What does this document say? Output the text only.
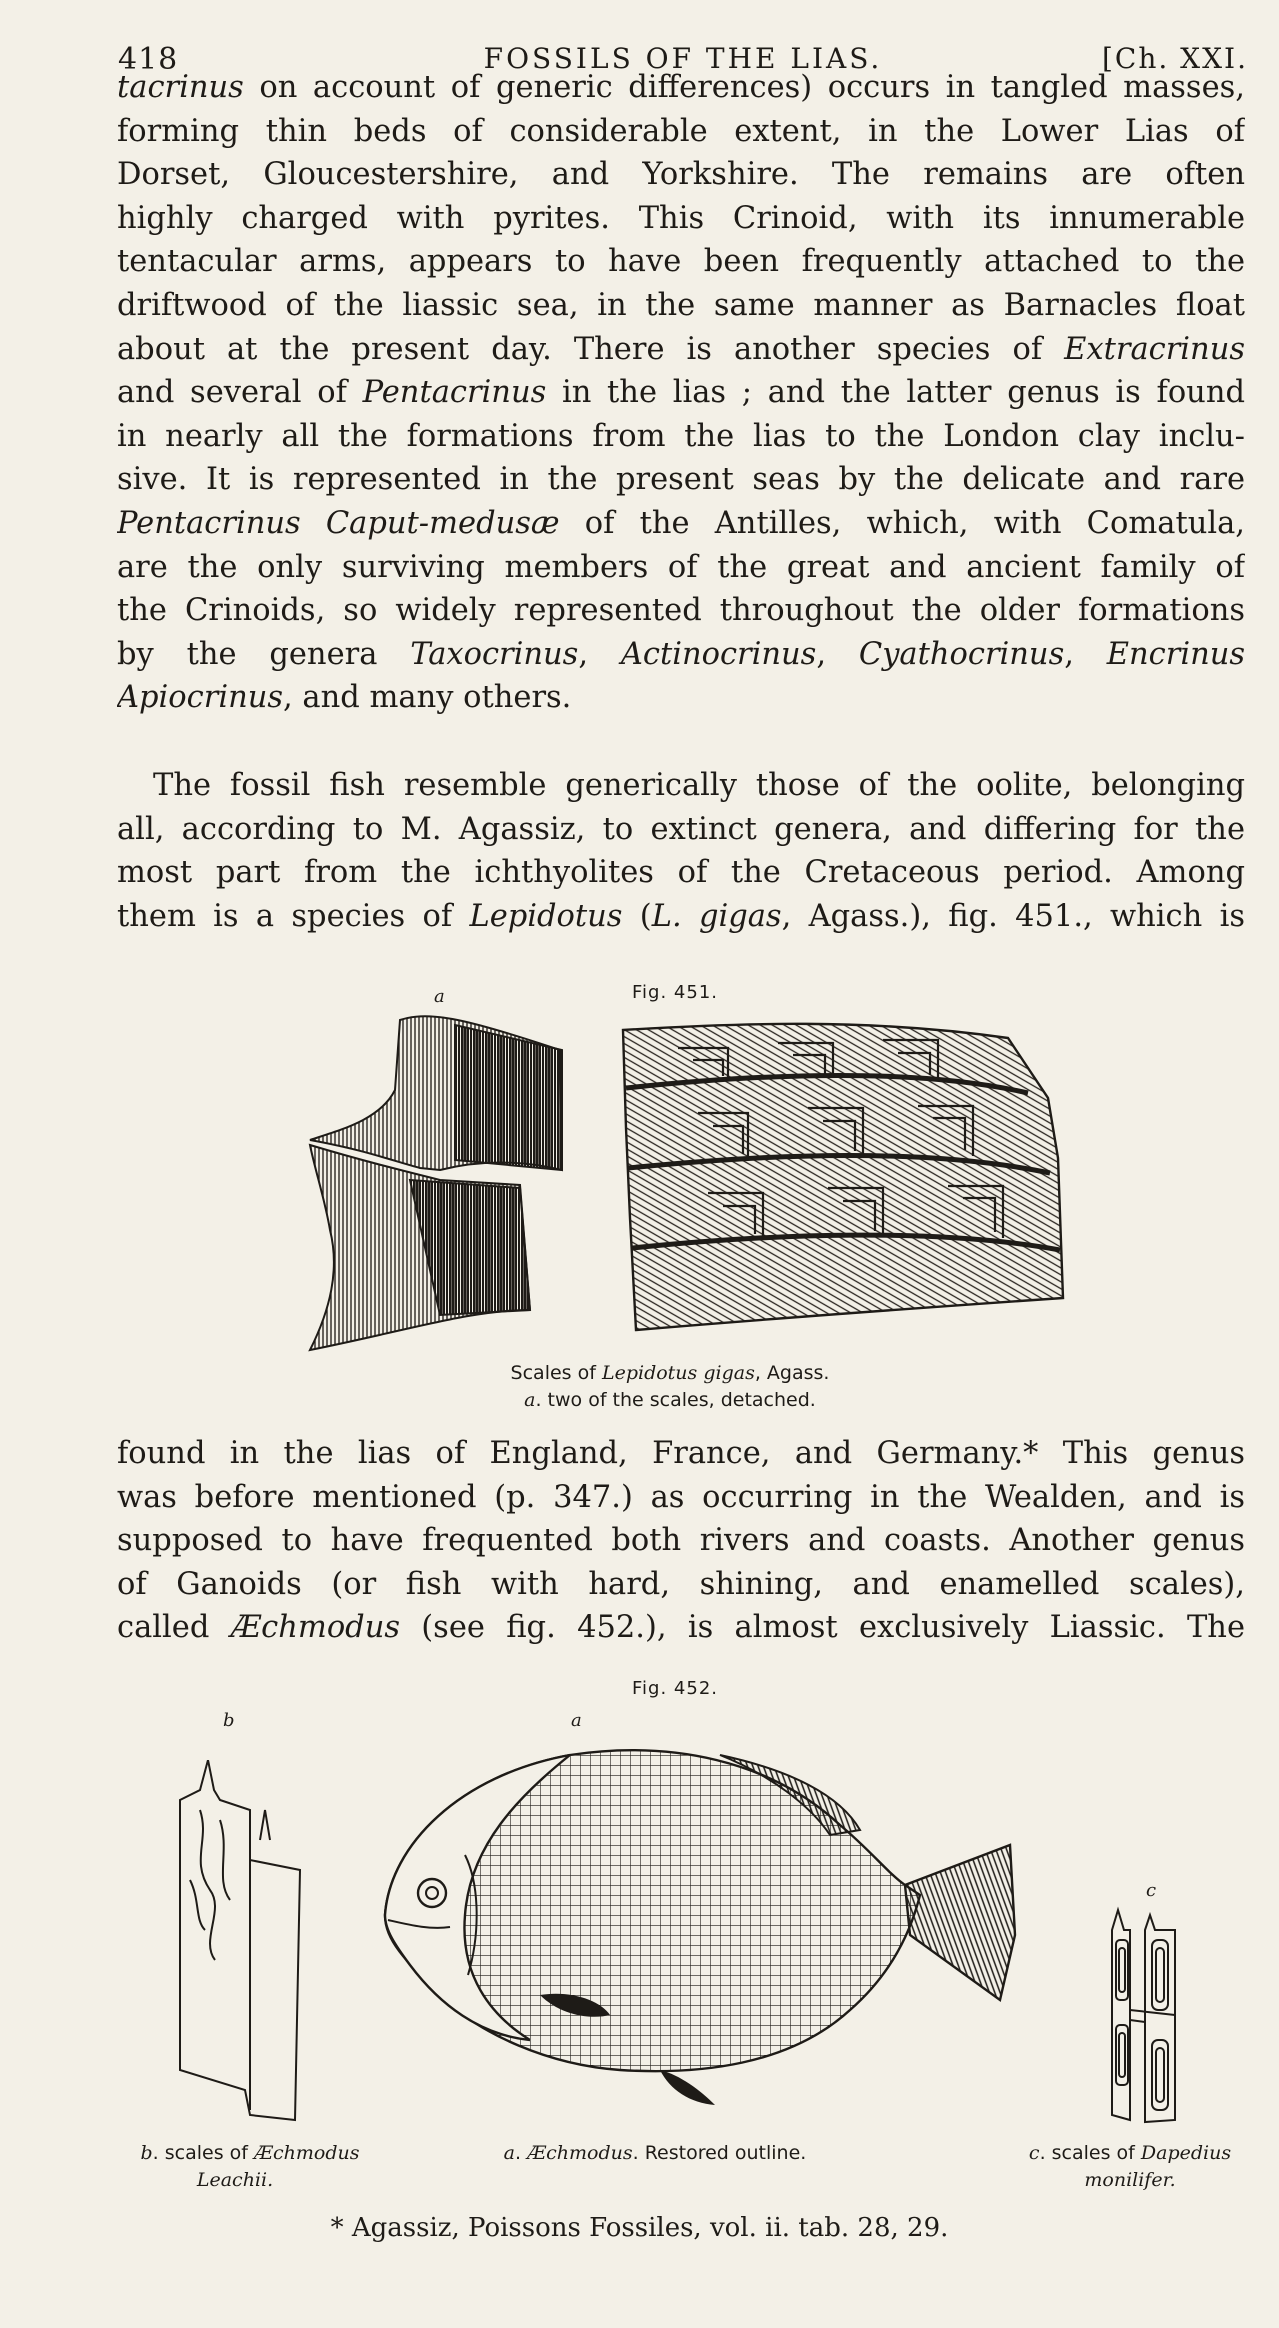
418	FOSSILS OF THE LIAS.	[Ch. XXI.
tacrinus on account of generic differences) occurs in tangled masses,
forming thin beds of considerable extent, in the Lower Lias of
Dorset, Gloucestershire, and Yorkshire. The remains are often
highly charged with pyrites. This Crinoid, with its innumerable
tentacular arms, appears to have been frequently attached to the
driftwood of the liassic sea, in the same manner as Barnacles float
about at the present day. There is another species of Extracrinus
and several of Pentacrinus in the lias ; and the latter genus is found
in nearly all the formations from the lias to the London clay inclu-
sive. It is represented in the present seas by the delicate and rare
Pentacrinus Caput-medusæ of the Antilles, which, with Comatula,
are the only surviving members of the great and ancient family of
the Crinoids, so widely represented throughout the older formations
by the genera Taxocrinus, Actinocrinus, Cyathocrinus, Encrinus
Apiocrinus, and many others.
The fossil fish resemble generically those of the oolite, belonging
all, according to M. Agassiz, to extinct genera, and differing for the
most part from the ichthyolites of the Cretaceous period. Among
them is a species of Lepidotus (L. gigas, Agass.), fig. 451., which is
a	Fig. 451.
Scales of Lepidotus gigas, Agass.
a. two of the scales, detached.
found in the lias of England, France, and Germany.* This genus
was before mentioned (p. 347.) as occurring in the Wealden, and is
supposed to have frequented both rivers and coasts. Another genus
of Ganoids (or fish with hard, shining, and enamelled scales),
called Æchmodus (see fig. 452.), is almost exclusively Liassic. The
Fig. 452.
b	a
c
b. scales of Æchmodus
Leachii.
a. Æchmodus. Restored outline.	c. scales of Dapedius
monilifer.
* Agassiz, Poissons Fossiles, vol. ii. tab. 28, 29.
